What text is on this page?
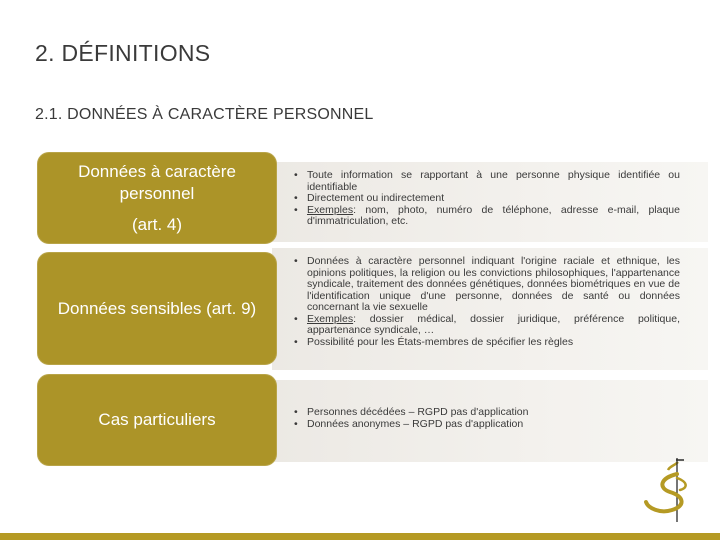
2. DÉFINITIONS
2.1. DONNÉES À CARACTÈRE PERSONNEL
Données à caractère personnel
(art. 4)
• Toute information se rapportant à une personne physique identifiée ou identifiable
• Directement ou indirectement
• Exemples: nom, photo, numéro de téléphone, adresse e-mail, plaque d'immatriculation, etc.
Données sensibles (art. 9)
• Données à caractère personnel indiquant l'origine raciale et ethnique, les opinions politiques, la religion ou les convictions philosophiques, l'appartenance syndicale, traitement des données génétiques, données biométriques en vue de l'identification unique d'une personne, données de santé ou données concernant la vie sexuelle
• Exemples: dossier médical, dossier juridique, préférence politique, appartenance syndicale, …
• Possibilité pour les États-membres de spécifier les règles
Cas particuliers
•	Personnes décédées – RGPD pas d'application
• Données anonymes – RGPD pas d'application
